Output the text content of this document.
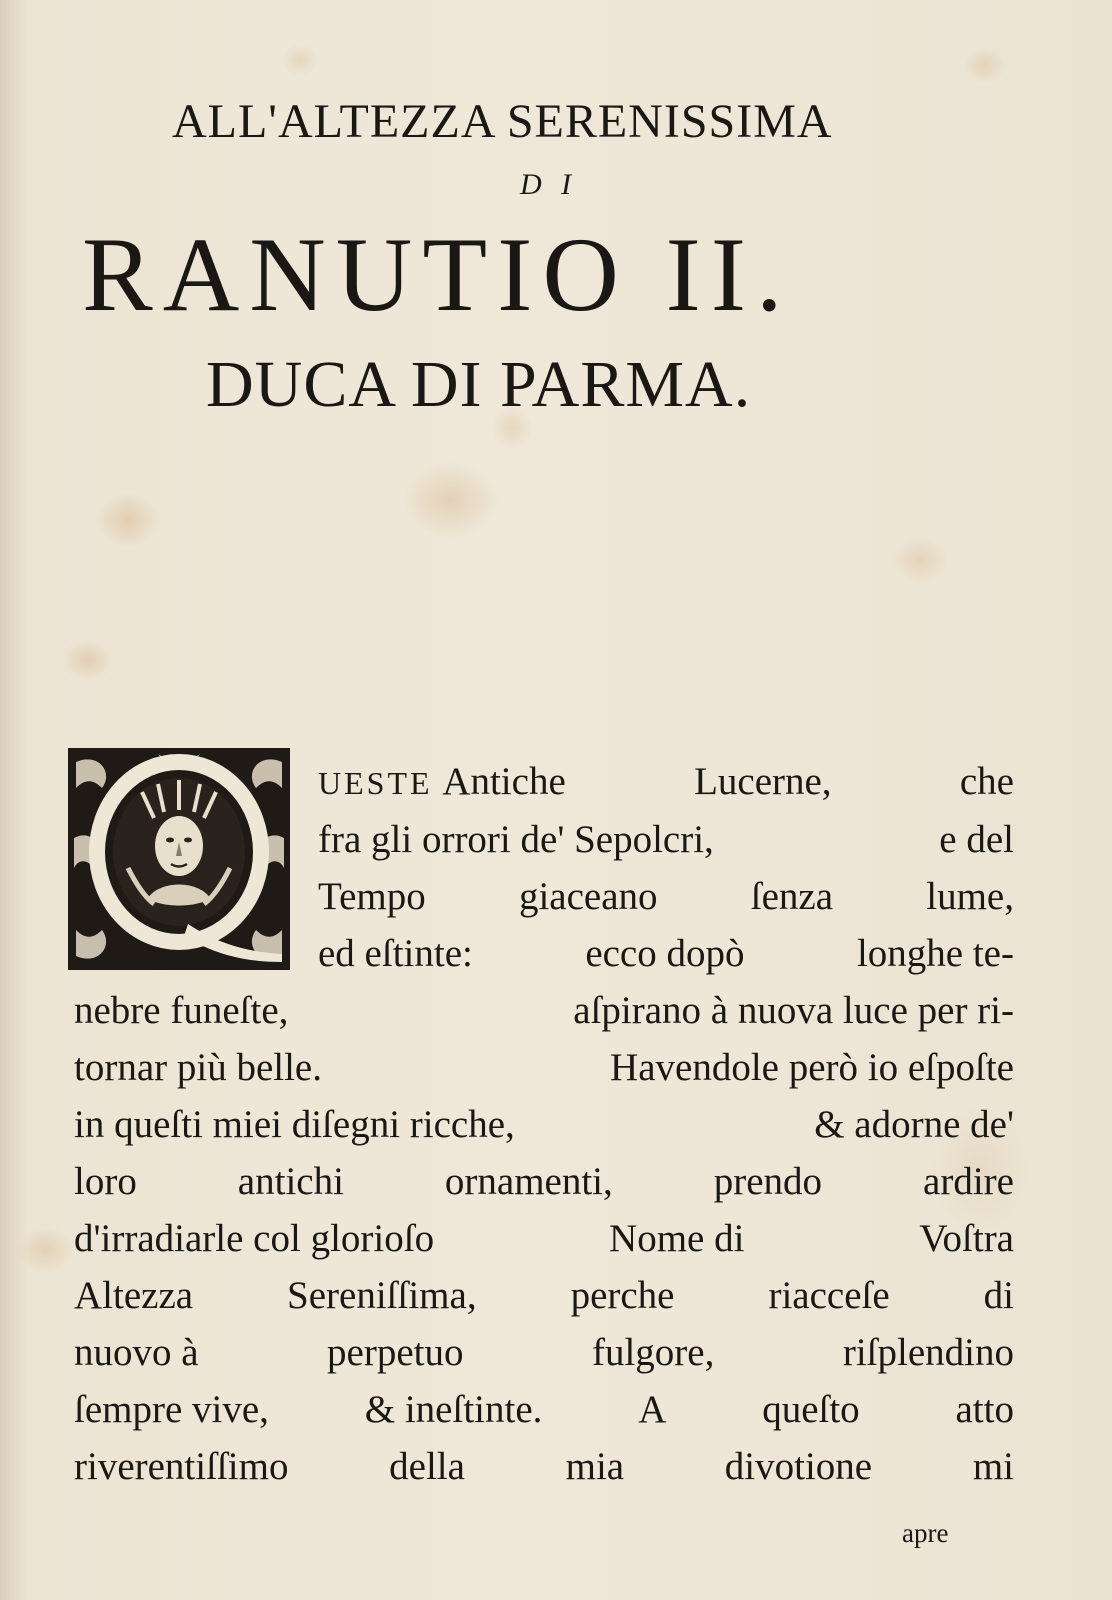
ALL'ALTEZZA SERENISSIMA
D I
RANUTIO II.
DUCA DI PARMA.
UESTE Antiche	Lucerne,	che
fra gli orrori de' Sepolcri,	e del
Tempo giaceano ſenza lume,
ed eſtinte:	ecco dopò	longhe te-
nebre funeſte,	aſpirano à nuova luce per ri-
tornar più belle.	Havendole però io eſpoſte
in queſti miei diſegni ricche,	& adorne de'
loro	antichi	ornamenti,	prendo	ardire
d'irradiarle col glorioſo	Nome di	Voſtra
Altezza Sereniſſima, perche riacceſe di
nuovo à	perpetuo	fulgore,	riſplendino
ſempre vive, & ineſtinte. A queſto atto
riverentiſſimo	della	mia	divotione	mi
apre
